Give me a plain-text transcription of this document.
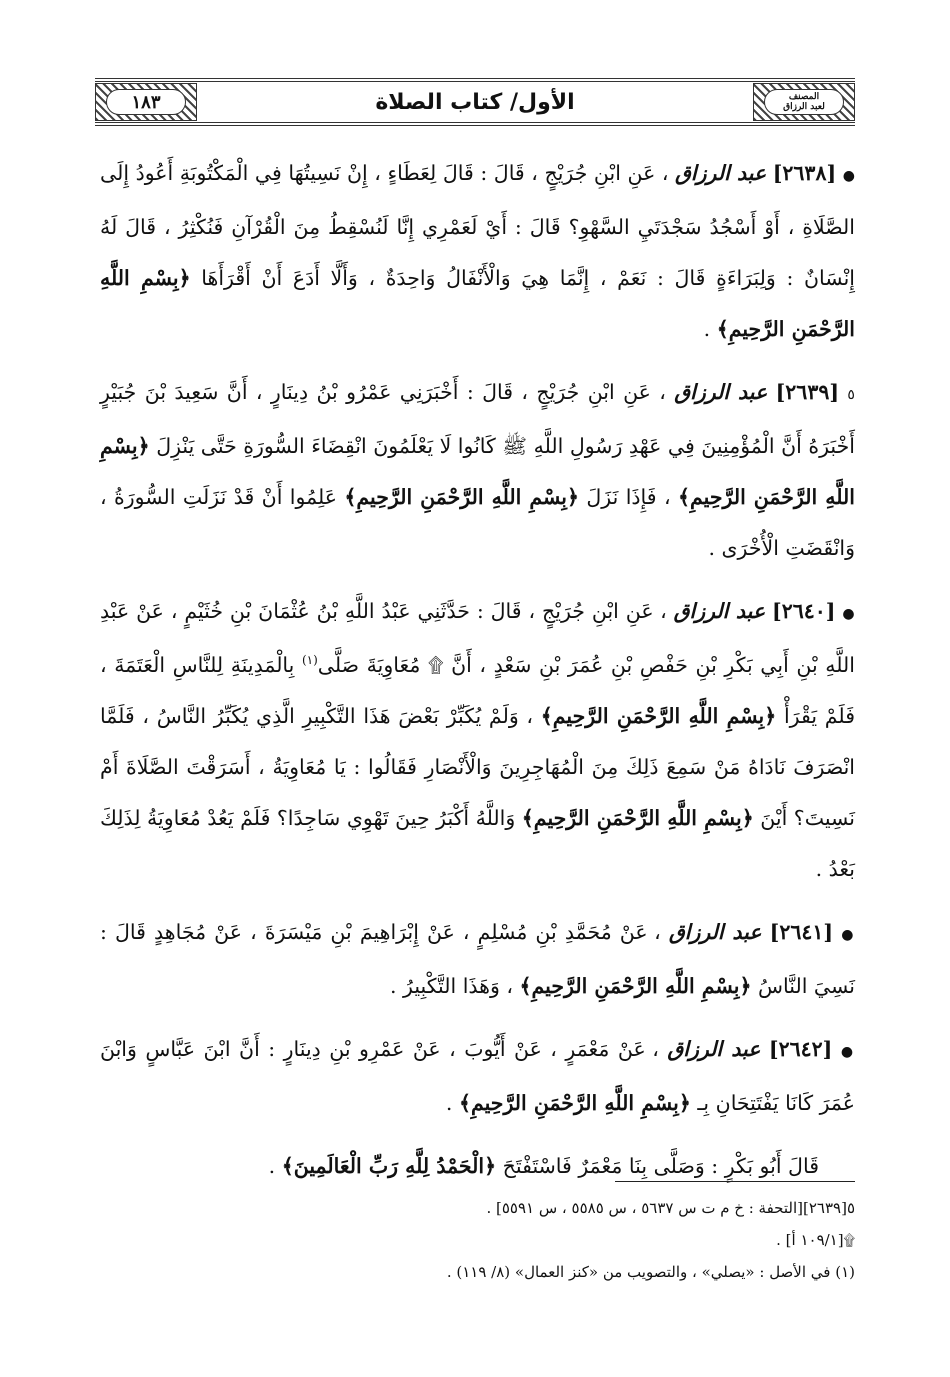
١٨٣	الأول/ كتاب الصلاة	المصنف
لعبد الرزاق

● [٢٦٣٨] عبد الرزاق ، عَنِ ابْنِ جُرَيْجٍ ، قَالَ : قَالَ لِعَطَاءٍ ، إِنْ نَسِيتُهَا فِي الْمَكْتُوبَةِ أَعُودُ إِلَى الصَّلَاةِ ، أَوْ أَسْجُدُ سَجْدَتَيِ السَّهْوِ؟ قَالَ : أَيْ لَعَمْرِي إِنَّا لَنُسْقِطُ مِنَ الْقُرْآنِ فَنُكْثِرُ ، قَالَ لَهُ إِنْسَانٌ : وَلِبَرَاءَةٍ قَالَ : نَعَمْ ، إِنَّمَا هِيَ وَالْأَنْفَالُ وَاحِدَةٌ ، وَأَلَّا أَدَعَ أَنْ أَقْرَأَهَا ﴿بِسْمِ اللَّهِ الرَّحْمَنِ الرَّحِيمِ﴾ .

٥ [٢٦٣٩] عبد الرزاق ، عَنِ ابْنِ جُرَيْجٍ ، قَالَ : أَخْبَرَنِي عَمْرُو بْنُ دِينَارٍ ، أَنَّ سَعِيدَ بْنَ جُبَيْرٍ أَخْبَرَهُ أَنَّ الْمُؤْمِنِينَ فِي عَهْدِ رَسُولِ اللَّهِ ﷺ كَانُوا لَا يَعْلَمُونَ انْقِضَاءَ السُّورَةِ حَتَّى يَنْزِلَ ﴿بِسْمِ اللَّهِ الرَّحْمَنِ الرَّحِيمِ﴾ ، فَإِذَا نَزَلَ ﴿بِسْمِ اللَّهِ الرَّحْمَنِ الرَّحِيمِ﴾ عَلِمُوا أَنْ قَدْ نَزَلَتِ السُّورَةُ ، وَانْقَضَتِ الْأُخْرَى .

● [٢٦٤٠] عبد الرزاق ، عَنِ ابْنِ جُرَيْجٍ ، قَالَ : حَدَّثَنِي عَبْدُ اللَّهِ بْنُ عُثْمَانَ بْنِ خُثَيْمٍ ، عَنْ عَبْدِ اللَّهِ بْنِ أَبِي بَكْرِ بْنِ حَفْصِ بْنِ عُمَرَ بْنِ سَعْدٍ ، أَنَّ ۩ مُعَاوِيَةَ صَلَّى$^{(١)}$ بِالْمَدِينَةِ لِلنَّاسِ الْعَتَمَةَ ، فَلَمْ يَقْرَأْ ﴿بِسْمِ اللَّهِ الرَّحْمَنِ الرَّحِيمِ﴾ ، وَلَمْ يُكَبِّرْ بَعْضَ هَذَا التَّكْبِيرِ الَّذِي يُكَبِّرُ النَّاسُ ، فَلَمَّا انْصَرَفَ نَادَاهُ مَنْ سَمِعَ ذَلِكَ مِنَ الْمُهَاجِرِينَ وَالْأَنْصَارِ فَقَالُوا : يَا مُعَاوِيَةُ ، أَسَرَقْتَ الصَّلَاةَ أَمْ نَسِيتَ؟ أَيْنَ ﴿بِسْمِ اللَّهِ الرَّحْمَنِ الرَّحِيمِ﴾ وَاللَّهُ أَكْبَرُ حِينَ تَهْوِي سَاجِدًا؟ فَلَمْ يَعُدْ مُعَاوِيَةُ لِذَلِكَ بَعْدُ .

● [٢٦٤١] عبد الرزاق ، عَنْ مُحَمَّدِ بْنِ مُسْلِمٍ ، عَنْ إِبْرَاهِيمَ بْنِ مَيْسَرَةَ ، عَنْ مُجَاهِدٍ قَالَ : نَسِيَ النَّاسُ ﴿بِسْمِ اللَّهِ الرَّحْمَنِ الرَّحِيمِ﴾ ، وَهَذَا التَّكْبِيرُ .

● [٢٦٤٢] عبد الرزاق ، عَنْ مَعْمَرٍ ، عَنْ أَيُّوبَ ، عَنْ عَمْرِو بْنِ دِينَارٍ : أَنَّ ابْنَ عَبَّاسٍ وَابْنَ عُمَرَ كَانَا يَفْتَتِحَانِ بِـ ﴿بِسْمِ اللَّهِ الرَّحْمَنِ الرَّحِيمِ﴾ .

قَالَ أَبُو بَكْرٍ : وَصَلَّى بِنَا مَعْمَرٌ فَاسْتَفْتَحَ ﴿الْحَمْدُ لِلَّهِ رَبِّ الْعَالَمِينَ﴾ .

٥[٢٦٣٩][التحفة : خ م ت س ٥٦٣٧ ، س ٥٥٨٥ ، س ٥٥٩١] .
۩[١٠٩/١ أ] .
(١) في الأصل : «يصلي» ، والتصويب من «كنز العمال» (٨/ ١١٩) .
